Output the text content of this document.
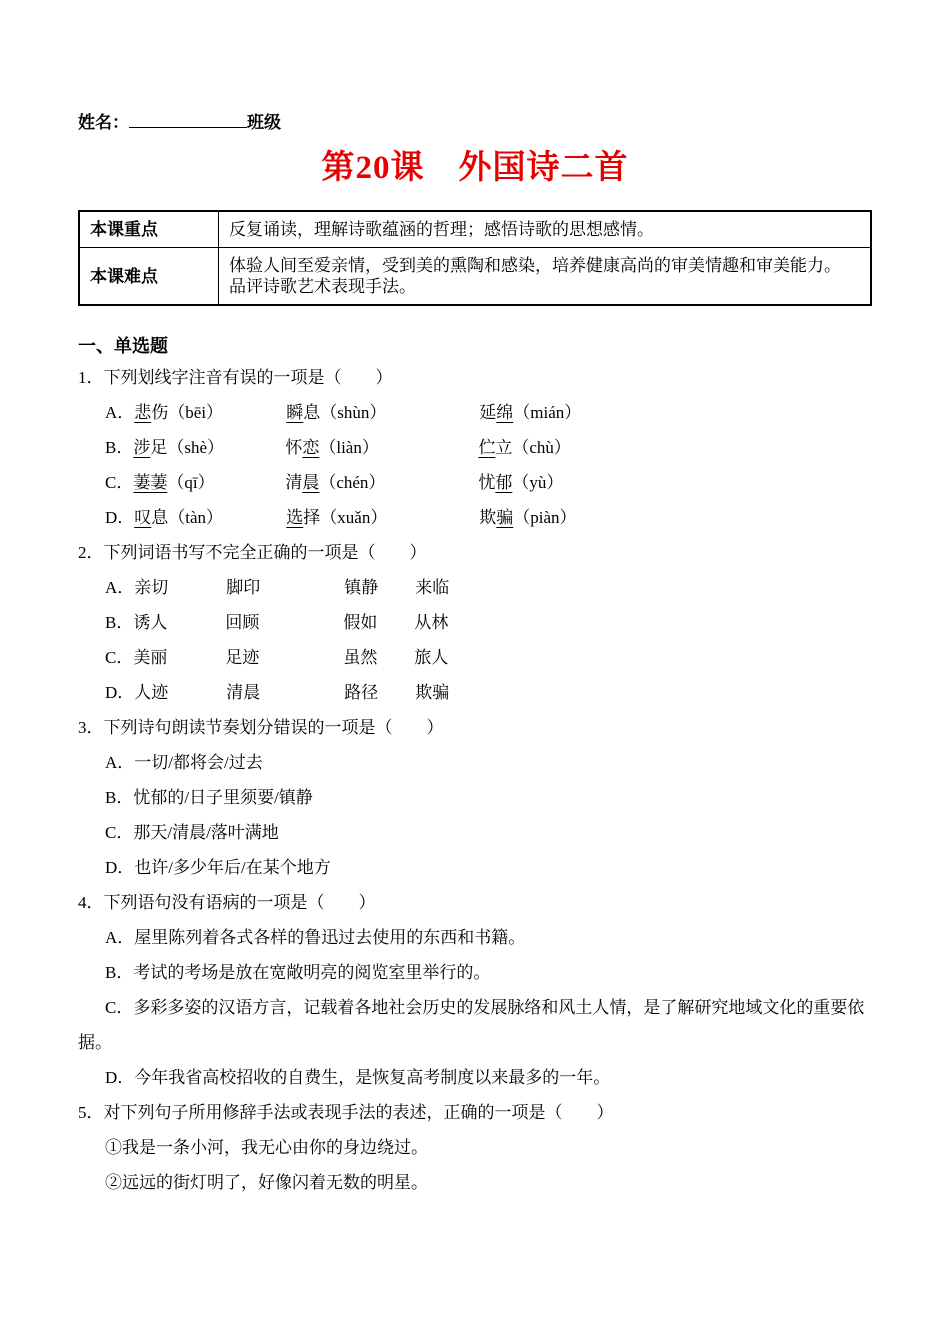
姓名：	班级
第20课　外国诗二首
本课重点	反复诵读，理解诗歌蕴涵的哲理；感悟诗歌的思想感情。
本课难点	体验人间至爱亲情，受到美的熏陶和感染，培养健康高尚的审美情趣和审美能力。　品评诗歌艺术表现手法。
一、单选题

1．下列划线字注音有误的一项是（　　）

A．悲伤（bēi）	瞬息（shùn）	延绵（mián）

B．涉足（shè）	怀恋（liàn）	伫立（chù）

C．萋萋（qī）	清晨（chén）	忧郁（yù）

D．叹息（tàn）	选择（xuǎn）	欺骗（piàn）

2．下列词语书写不完全正确的一项是（　　）

A．亲切	脚印	镇静 来临

B．诱人	回顾	假如 从林

C．美丽	足迹	虽然 旅人

D．人迹	清晨	路径 欺骗

3．下列诗句朗读节奏划分错误的一项是（　　）

A．一切/都将会/过去

B．忧郁的/日子里须要/镇静

C．那天/清晨/落叶满地

D．也许/多少年后/在某个地方

4．下列语句没有语病的一项是（　　）

A．屋里陈列着各式各样的鲁迅过去使用的东西和书籍。

B．考试的考场是放在宽敞明亮的阅览室里举行的。

C．多彩多姿的汉语方言，记载着各地社会历史的发展脉络和风土人情，是了解研究地域文化的重要依据。

D．今年我省高校招收的自费生，是恢复高考制度以来最多的一年。

5．对下列句子所用修辞手法或表现手法的表述，正确的一项是（　　）

①我是一条小河，我无心由你的身边绕过。

②远远的街灯明了，好像闪着无数的明星。
